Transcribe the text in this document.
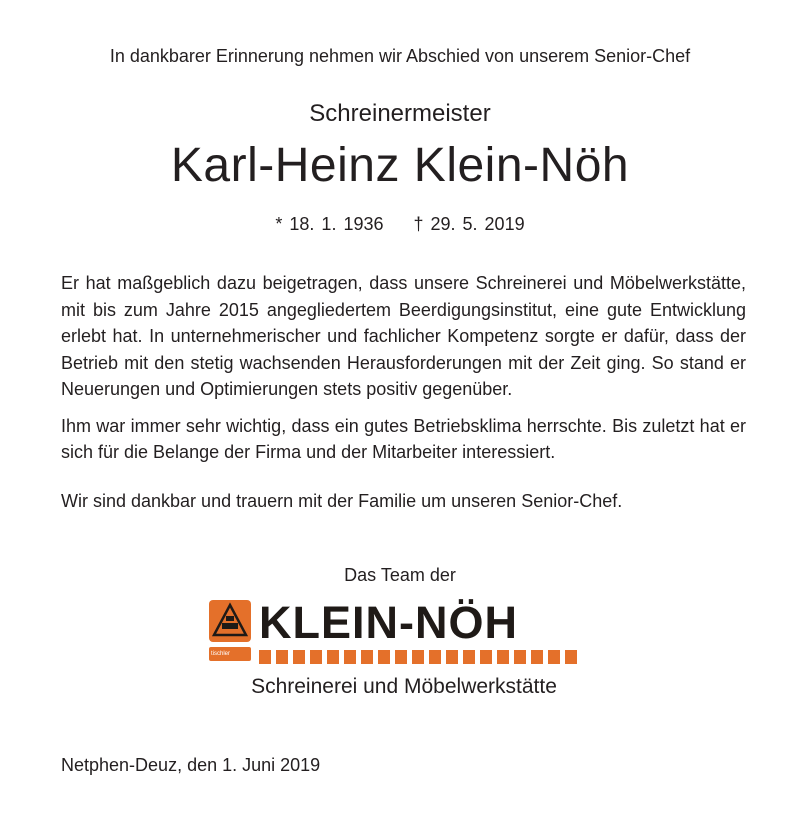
In dankbarer Erinnerung nehmen wir Abschied von unserem Senior-Chef
Schreinermeister
Karl-Heinz Klein-Nöh
* 18. 1. 1936 † 29. 5. 2019

Er hat maßgeblich dazu beigetragen, dass unsere Schreinerei und Möbelwerkstätte, mit bis zum Jahre 2015 angegliedertem Beerdigungsinstitut, eine gute Entwicklung erlebt hat. In unternehmerischer und fachlicher Kompetenz sorgte er dafür, dass der Betrieb mit den stetig wachsenden Herausforderungen mit der Zeit ging. So stand er Neuerungen und Optimierungen stets positiv gegenüber.

Ihm war immer sehr wichtig, dass ein gutes Betriebsklima herrschte. Bis zuletzt hat er sich für die Belange der Firma und der Mitarbeiter interessiert.

Wir sind dankbar und trauern mit der Familie um unseren Senior-Chef.

Das Team der
tischler
KLEIN-NÖH
Schreinerei und Möbelwerkstätte
Netphen-Deuz, den 1. Juni 2019
